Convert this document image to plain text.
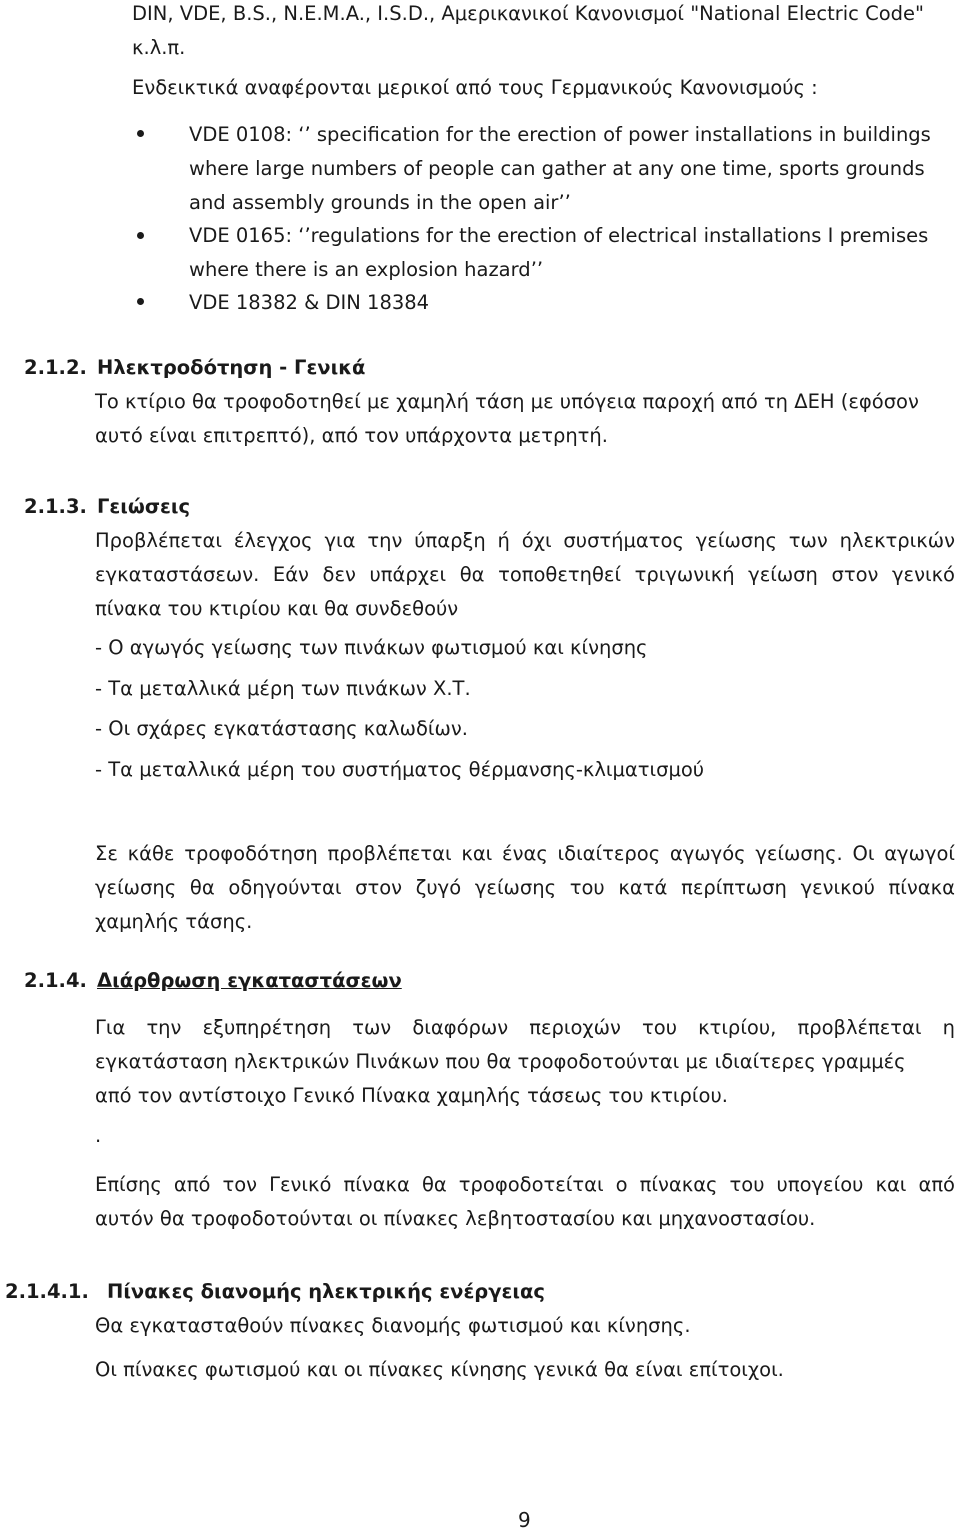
DIN, VDE, B.S., N.E.M.A., I.S.D., Αμερικανικοί Κανονισμοί "National Electric Code"
κ.λ.π.
Ενδεικτικά αναφέρονται μερικοί από τους Γερμανικούς Κανονισμούς :
VDE 0108: ‘’ specification for the erection of power installations in buildings
where large numbers of people can gather at any one time, sports grounds
and assembly grounds in the open air’’
VDE 0165: ‘’regulations for the erection of electrical installations I premises
where there is an explosion hazard’’
VDE 18382 & DIN 18384
2.1.2. Ηλεκτροδότηση - Γενικά
Το κτίριο θα τροφοδοτηθεί με χαμηλή τάση με υπόγεια παροχή από τη ΔΕΗ (εφόσον
αυτό είναι επιτρεπτό), από τον υπάρχοντα μετρητή.
2.1.3. Γειώσεις
Προβλέπεται έλεγχος για την ύπαρξη ή όχι συστήματος γείωσης των ηλεκτρικών
εγκαταστάσεων. Εάν δεν υπάρχει θα τοποθετηθεί τριγωνική γείωση στον γενικό
πίνακα του κτιρίου και θα συνδεθούν
- Ο αγωγός γείωσης των πινάκων φωτισμού και κίνησης
- Τα μεταλλικά μέρη των πινάκων Χ.Τ.
- Οι σχάρες εγκατάστασης καλωδίων.
- Τα μεταλλικά μέρη του συστήματος θέρμανσης-κλιματισμού
Σε κάθε τροφοδότηση προβλέπεται και ένας ιδιαίτερος αγωγός γείωσης. Οι αγωγοί
γείωσης θα οδηγούνται στον ζυγό γείωσης του κατά περίπτωση γενικού πίνακα
χαμηλής τάσης.
2.1.4. Διάρθρωση εγκαταστάσεων
Για την εξυπηρέτηση των διαφόρων περιοχών του κτιρίου, προβλέπεται η
εγκατάσταση ηλεκτρικών Πινάκων που θα τροφοδοτούνται με ιδιαίτερες γραμμές
από τον αντίστοιχο Γενικό Πίνακα χαμηλής τάσεως του κτιρίου.
.
Επίσης από τον Γενικό πίνακα θα τροφοδοτείται ο πίνακας του υπογείου και από
αυτόν θα τροφοδοτούνται οι πίνακες λεβητοστασίου και μηχανοστασίου.
2.1.4.1. Πίνακες διανομής ηλεκτρικής ενέργειας
Θα εγκατασταθούν πίνακες διανομής φωτισμού και κίνησης.
Οι πίνακες φωτισμού και οι πίνακες κίνησης γενικά θα είναι επίτοιχοι.
9
